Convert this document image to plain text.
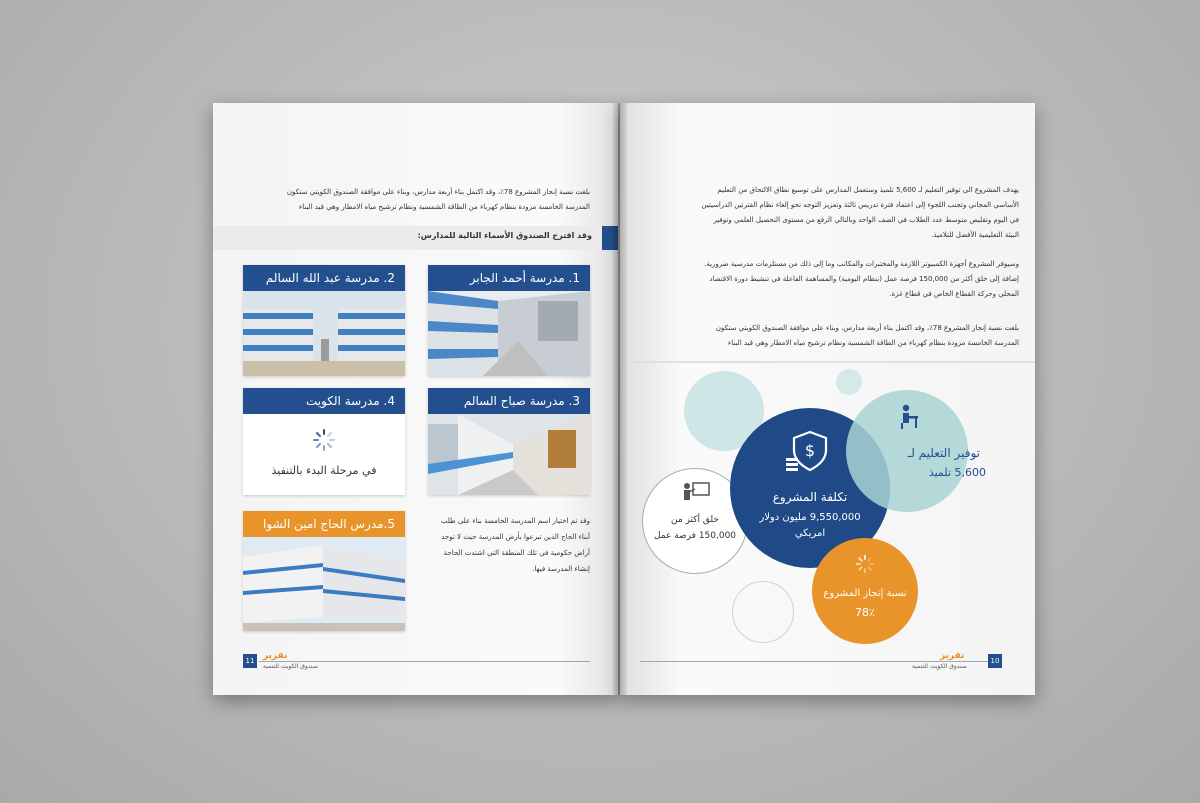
بلغت نسبة إنجاز المشروع 78٪، وقد اكتمل بناء أربعة مدارس، وبناء على موافقة الصندوق الكويتي ستكون
المدرسة الخامسة مزودة بنظام كهرباء من الطاقة الشمسية ونظام ترشيح مياه الامطار وهي قيد البناء
وقد اقترح الصندوق الأسماء التالية للمدارس:
1. مدرسة أحمد الجابر
2. مدرسة عبد الله السالم
3. مدرسة صباح السالم
4. مدرسة الكويت
في مرحلة البدء بالتنفيذ
5.مدرس الحاج امين الشوا	وقد تم اختيار اسم المدرسة الخامسة بناء على طلب
أبناء الحاج الذين تبرعوا بأرض المدرسة حيث لا توجد
أراض حكومية في تلك المنطقة التي اشتدت الحاجة
إنشاء المدرسة فيها.
11 تقرير
صندوق الكويت للتنمية
يهدف المشروع الى توفير التعليم لـ 5,600 تلميذ وستعمل المدارس على توسيع نطاق الالتحاق من التعليم
الأساسي المجاني وتجنب اللجوء إلى اعتماد فترة تدريس ثالثة وتعزيز التوجه نحو إلغاء نظام الفترتين الدراسيتين
في اليوم وتقليص متوسط عدد الطلاب في الصف الواحد وبالتالي الرفع من مستوى التحصيل العلمي وتوفير
البيئة التعليمية الأفضل للتلاميذ.
وسيوفر المشروع أجهزة الكمبيوتر اللازمة والمختبرات والمكاتب وما إلى ذلك من مستلزمات مدرسية ضرورية.
إضافة إلى خلق أكثر من 150,000 فرصة عمل (بنظام اليومية) والمساهمة الفاعلة في تنشيط دورة الاقتصاد
المحلي وحركة القطاع الخاص في قطاع غزة.
بلغت نسبة إنجاز المشروع 78٪، وقد اكتمل بناء أربعة مدارس، وبناء على موافقة الصندوق الكويتي ستكون
المدرسة الخامسة مزودة بنظام كهرباء من الطاقة الشمسية ونظام ترشيح مياه الامطار وهي قيد البناء
خلق أكثر من
150,000 فرصة عمل
$
تكلفة المشروع
9,550,000 مليون دولار
امريكي
توفير التعليم لـ
5,600 تلميذ
نسبة إنجاز المشروع
78٪
10
تقرير
صندوق الكويت للتنمية
